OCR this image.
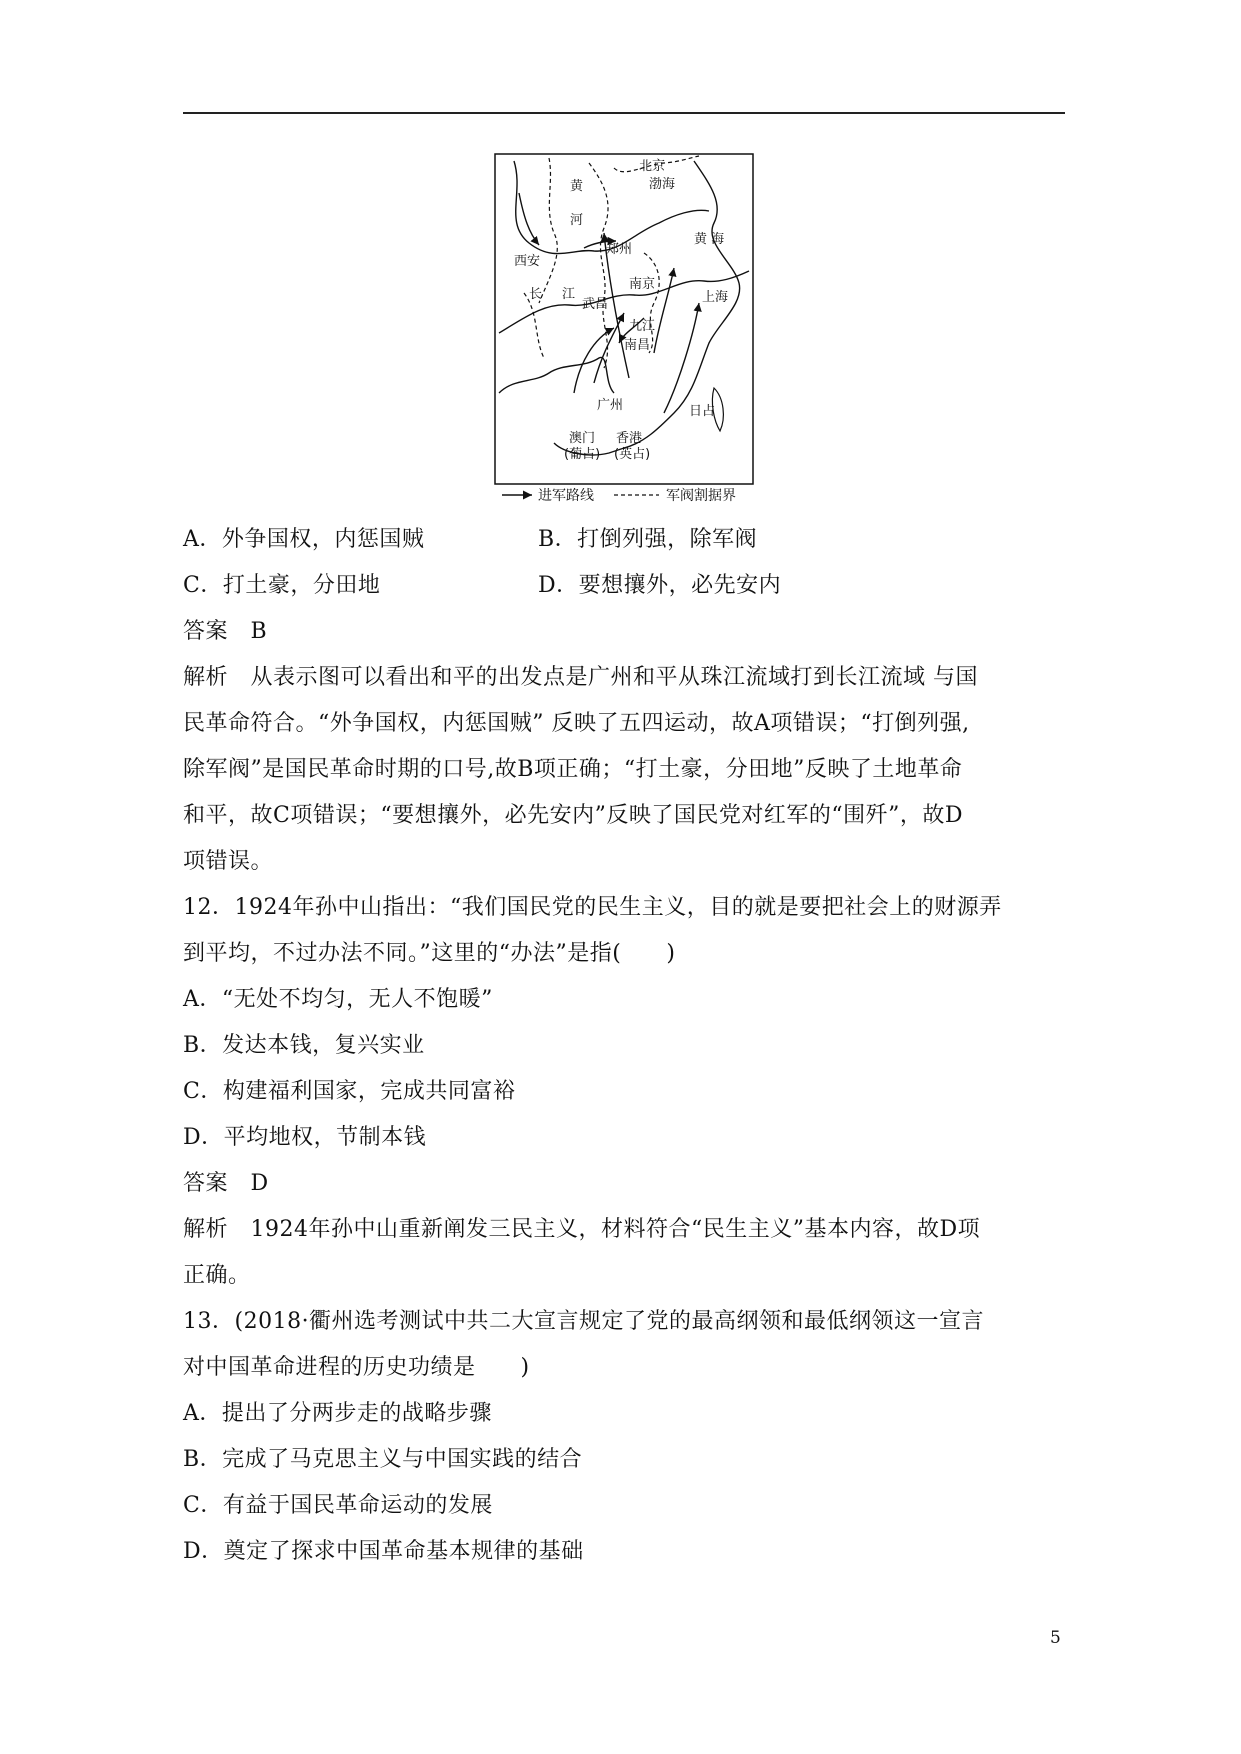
北京
渤海
黄
河
黄 海
西安
郑州
南京
长 江
武昌	上海
九江
南昌
广州	日占
澳门
(葡占)
香港
(英占)
进军路线	军阀割据界
A．外争国权，内惩国贼	B．打倒列强，除军阀
C．打土豪，分田地	D．要想攘外，必先安内
答案　B
解析　从表示图可以看出和平的出发点是广州和平从珠江流域打到长江流域 与国
民革命符合。“外争国权，内惩国贼” 反映了五四运动，故A项错误；“打倒列强,
除军阀”是国民革命时期的口号,故B项正确；“打土豪，分田地”反映了土地革命
和平，故C项错误；“要想攘外，必先安内”反映了国民党对红军的“围歼”，故D
项错误。
12．1924年孙中山指出：“我们国民党的民生主义，目的就是要把社会上的财源弄
到平均，不过办法不同。”这里的“办法”是指(　　)
A．“无处不均匀，无人不饱暖”
B．发达本钱，复兴实业
C．构建福利国家，完成共同富裕
D．平均地权，节制本钱
答案　D
解析　1924年孙中山重新阐发三民主义，材料符合“民生主义”基本内容，故D项
正确。
13．(2018·衢州选考测试中共二大宣言规定了党的最高纲领和最低纲领这一宣言
对中国革命进程的历史功绩是　　)
A．提出了分两步走的战略步骤
B．完成了马克思主义与中国实践的结合
C．有益于国民革命运动的发展
D．奠定了探求中国革命基本规律的基础
5
